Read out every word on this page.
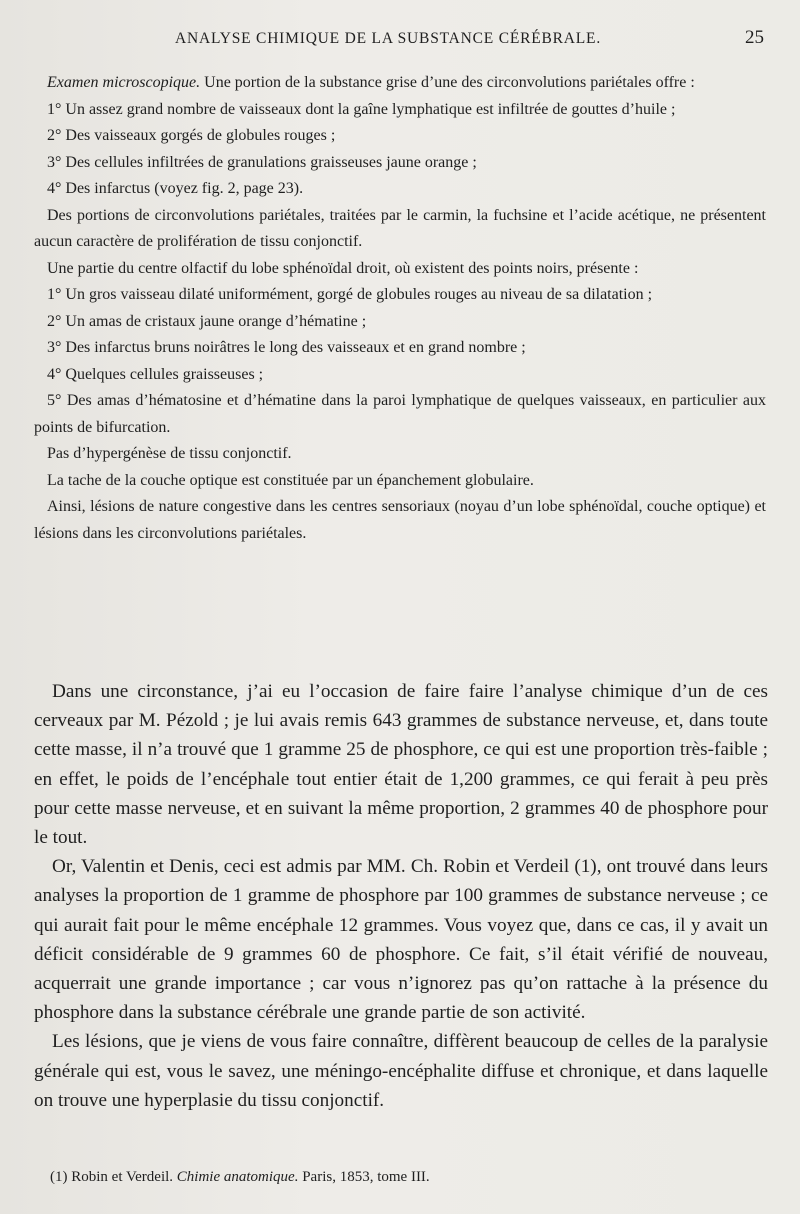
ANALYSE CHIMIQUE DE LA SUBSTANCE CÉRÉBRALE.	25

Examen microscopique. Une portion de la substance grise d’une des circonvolutions pariétales offre :

1° Un assez grand nombre de vaisseaux dont la gaîne lymphatique est infiltrée de gouttes d’huile ;

2° Des vaisseaux gorgés de globules rouges ;

3° Des cellules infiltrées de granulations graisseuses jaune orange ;

4° Des infarctus (voyez fig. 2, page 23).

Des portions de circonvolutions pariétales, traitées par le carmin, la fuchsine et l’acide acétique, ne présentent aucun caractère de prolifération de tissu conjonctif.

Une partie du centre olfactif du lobe sphénoïdal droit, où existent des points noirs, présente :

1° Un gros vaisseau dilaté uniformément, gorgé de globules rouges au niveau de sa dilatation ;

2° Un amas de cristaux jaune orange d’hématine ;

3° Des infarctus bruns noirâtres le long des vaisseaux et en grand nombre ;

4° Quelques cellules graisseuses ;

5° Des amas d’hématosine et d’hématine dans la paroi lymphatique de quelques vaisseaux, en particulier aux points de bifurcation.

Pas d’hypergénèse de tissu conjonctif.

La tache de la couche optique est constituée par un épanchement globulaire.

Ainsi, lésions de nature congestive dans les centres sensoriaux (noyau d’un lobe sphénoïdal, couche optique) et lésions dans les circonvolutions pariétales.

Dans une circonstance, j’ai eu l’occasion de faire faire l’analyse chimique d’un de ces cerveaux par M. Pézold ; je lui avais remis 643 grammes de substance nerveuse, et, dans toute cette masse, il n’a trouvé que 1 gramme 25 de phosphore, ce qui est une proportion très-faible ; en effet, le poids de l’encéphale tout entier était de 1,200 grammes, ce qui ferait à peu près pour cette masse nerveuse, et en suivant la même proportion, 2 grammes 40 de phosphore pour le tout.

Or, Valentin et Denis, ceci est admis par MM. Ch. Robin et Verdeil (1), ont trouvé dans leurs analyses la proportion de 1 gramme de phosphore par 100 grammes de substance nerveuse ; ce qui aurait fait pour le même encéphale 12 grammes. Vous voyez que, dans ce cas, il y avait un déficit considérable de 9 grammes 60 de phosphore. Ce fait, s’il était vérifié de nouveau, acquerrait une grande importance ; car vous n’ignorez pas qu’on rattache à la présence du phosphore dans la substance cérébrale une grande partie de son activité.

Les lésions, que je viens de vous faire connaître, diffèrent beaucoup de celles de la paralysie générale qui est, vous le savez, une méningo-encéphalite diffuse et chronique, et dans laquelle on trouve une hyperplasie du tissu conjonctif.

(1) Robin et Verdeil. Chimie anatomique. Paris, 1853, tome III.
